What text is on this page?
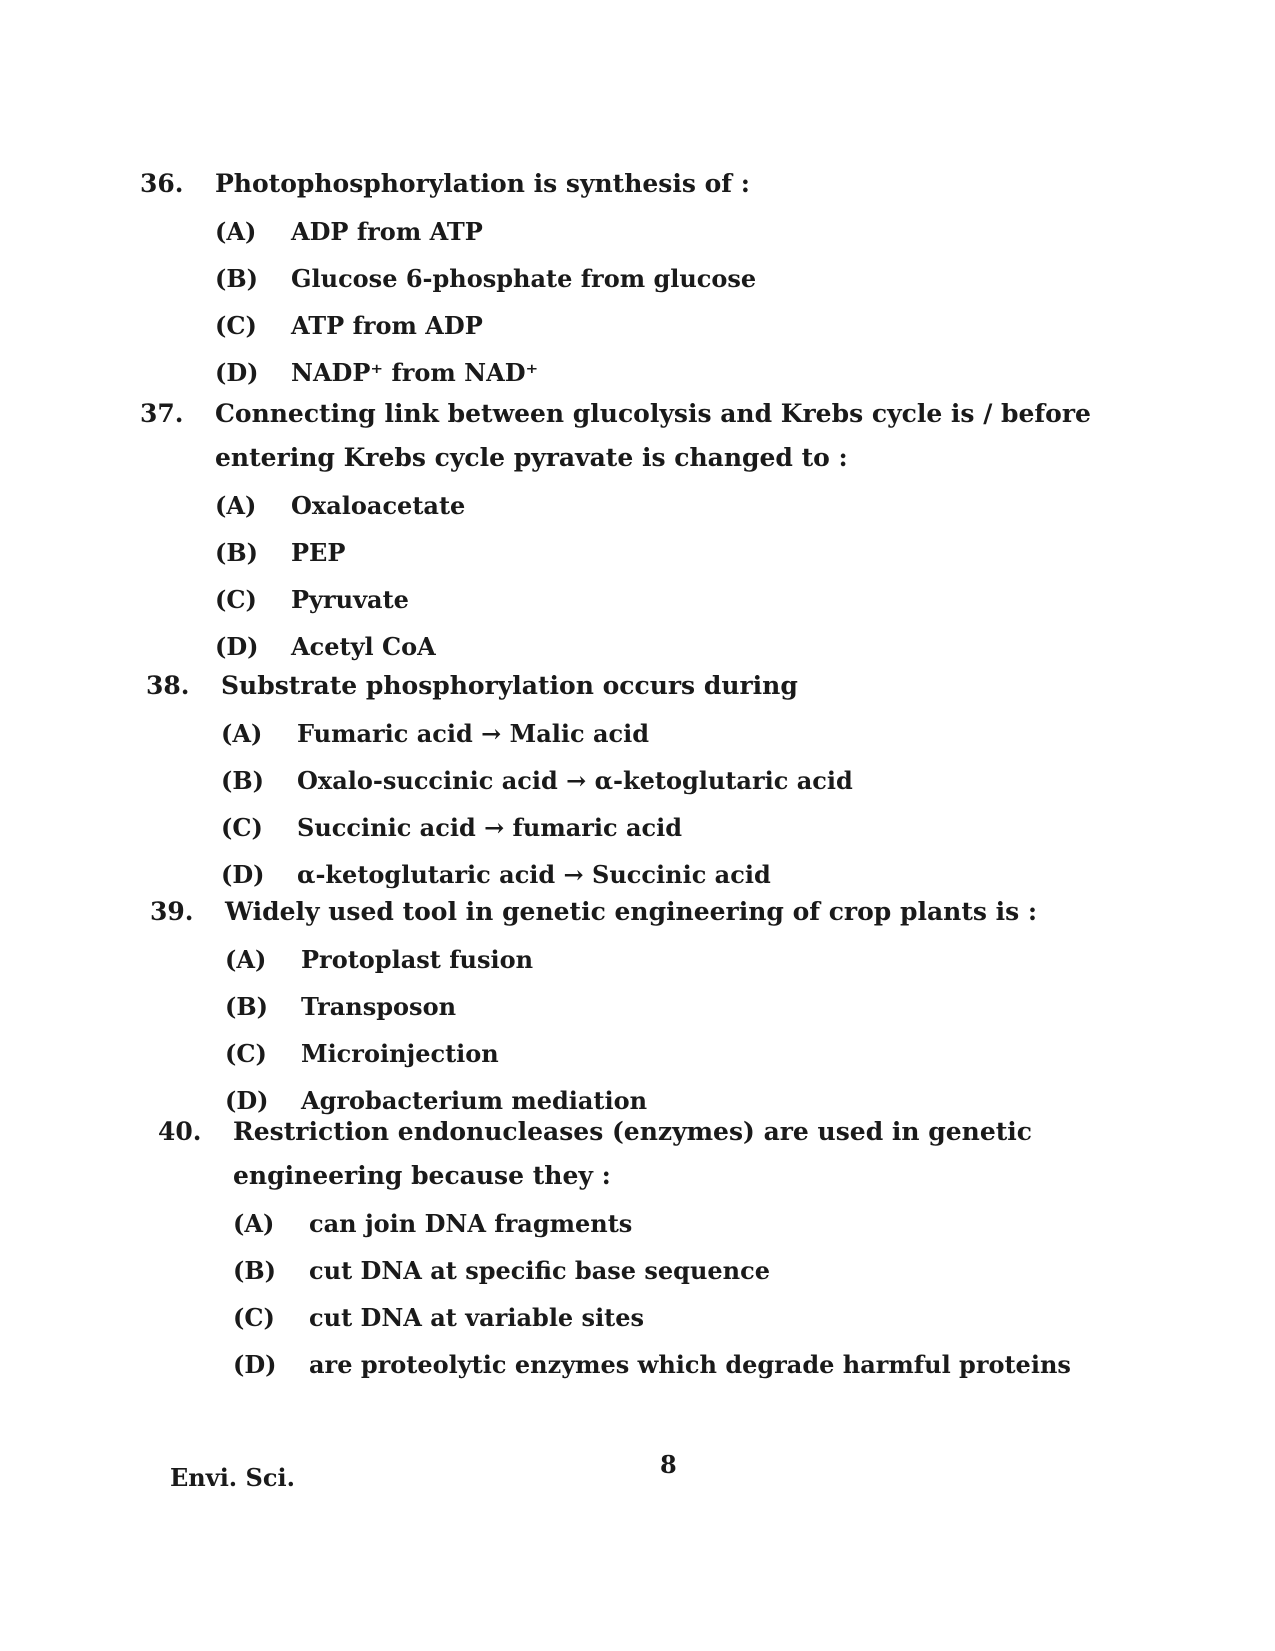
36.	Photophosphorylation is synthesis of :
(A)	ADP from ATP
(B)	Glucose 6-phosphate from glucose
(C)	ATP from ADP
(D)	NADP⁺ from NAD⁺
37.	Connecting link between glucolysis and Krebs cycle is / before entering Krebs cycle pyravate is changed to :
(A)	Oxaloacetate
(B)	PEP
(C)	Pyruvate
(D)	Acetyl CoA
38.	Substrate phosphorylation occurs during
(A)	Fumaric acid → Malic acid
(B)	Oxalo-succinic acid → α-ketoglutaric acid
(C)	Succinic acid → fumaric acid
(D)	α-ketoglutaric acid → Succinic acid
39.	Widely used tool in genetic engineering of crop plants is :
(A)	Protoplast fusion
(B)	Transposon
(C)	Microinjection
(D)	Agrobacterium mediation
40.	Restriction endonucleases (enzymes) are used in genetic engineering because they :
(A)	can join DNA fragments
(B)	cut DNA at specific base sequence
(C)	cut DNA at variable sites
(D)	are proteolytic enzymes which degrade harmful proteins
Envi. Sci.	8
